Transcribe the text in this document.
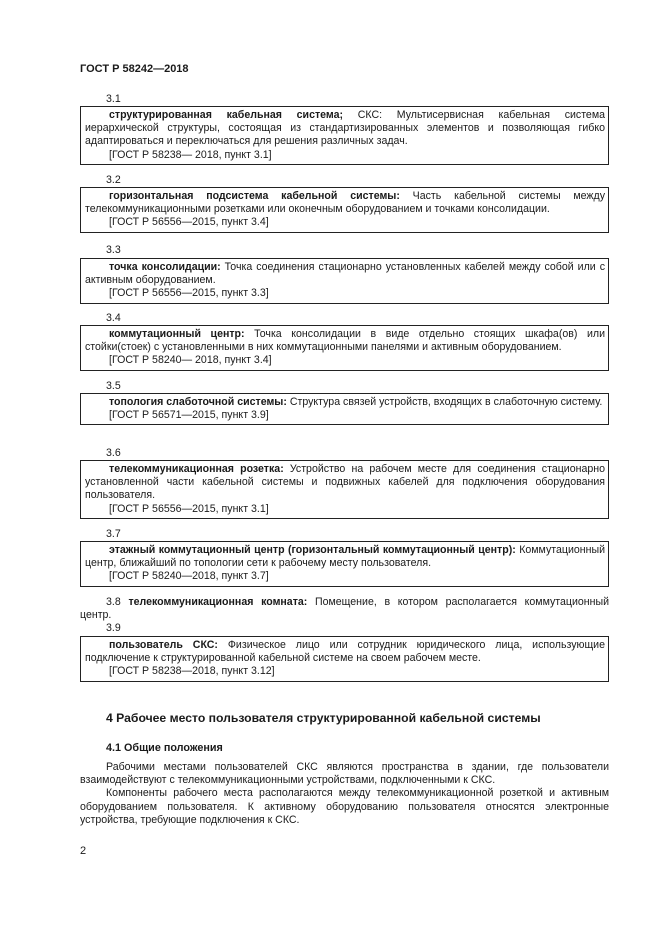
ГОСТ Р 58242—2018
3.1

структурированная кабельная система; СКС: Мультисервисная кабельная система иерархической структуры, состоящая из стандартизированных элементов и позволяющая гибко адаптироваться и переключаться для решения различных задач.

[ГОСТ Р 58238— 2018, пункт 3.1]

3.2

горизонтальная подсистема кабельной системы: Часть кабельной системы между телекоммуникационными розетками или оконечным оборудованием и точками консолидации.

[ГОСТ Р 56556—2015, пункт 3.4]

3.3

точка консолидации: Точка соединения стационарно установленных кабелей между собой или с активным оборудованием.

[ГОСТ Р 56556—2015, пункт 3.3]

3.4

коммутационный центр: Точка консолидации в виде отдельно стоящих шкафа(ов) или стойки(стоек) с установленными в них коммутационными панелями и активным оборудованием.

[ГОСТ Р 58240— 2018, пункт 3.4]

3.5

топология слаботочной системы: Структура связей устройств, входящих в слаботочную систему.

[ГОСТ Р 56571—2015, пункт 3.9]

3.6

телекоммуникационная розетка: Устройство на рабочем месте для соединения стационарно установленной части кабельной системы и подвижных кабелей для подключения оборудования пользователя.

[ГОСТ Р 56556—2015, пункт 3.1]

3.7

этажный коммутационный центр (горизонтальный коммутационный центр): Коммутационный центр, ближайший по топологии сети к рабочему месту пользователя.

[ГОСТ Р 58240—2018, пункт 3.7]

3.8 телекоммуникационная комната: Помещение, в котором располагается коммутационный центр.

3.9

пользователь СКС: Физическое лицо или сотрудник юридического лица, использующие подключение к структурированной кабельной системе на своем рабочем месте.

[ГОСТ Р 58238—2018, пункт 3.12]

4 Рабочее место пользователя структурированной кабельной системы
4.1 Общие положения

Рабочими местами пользователей СКС являются пространства в здании, где пользователи взаимодействуют с телекоммуникационными устройствами, подключенными к СКС.

Компоненты рабочего места располагаются между телекоммуникационной розеткой и активным оборудованием пользователя. К активному оборудованию пользователя относятся электронные устройства, требующие подключения к СКС.

2
